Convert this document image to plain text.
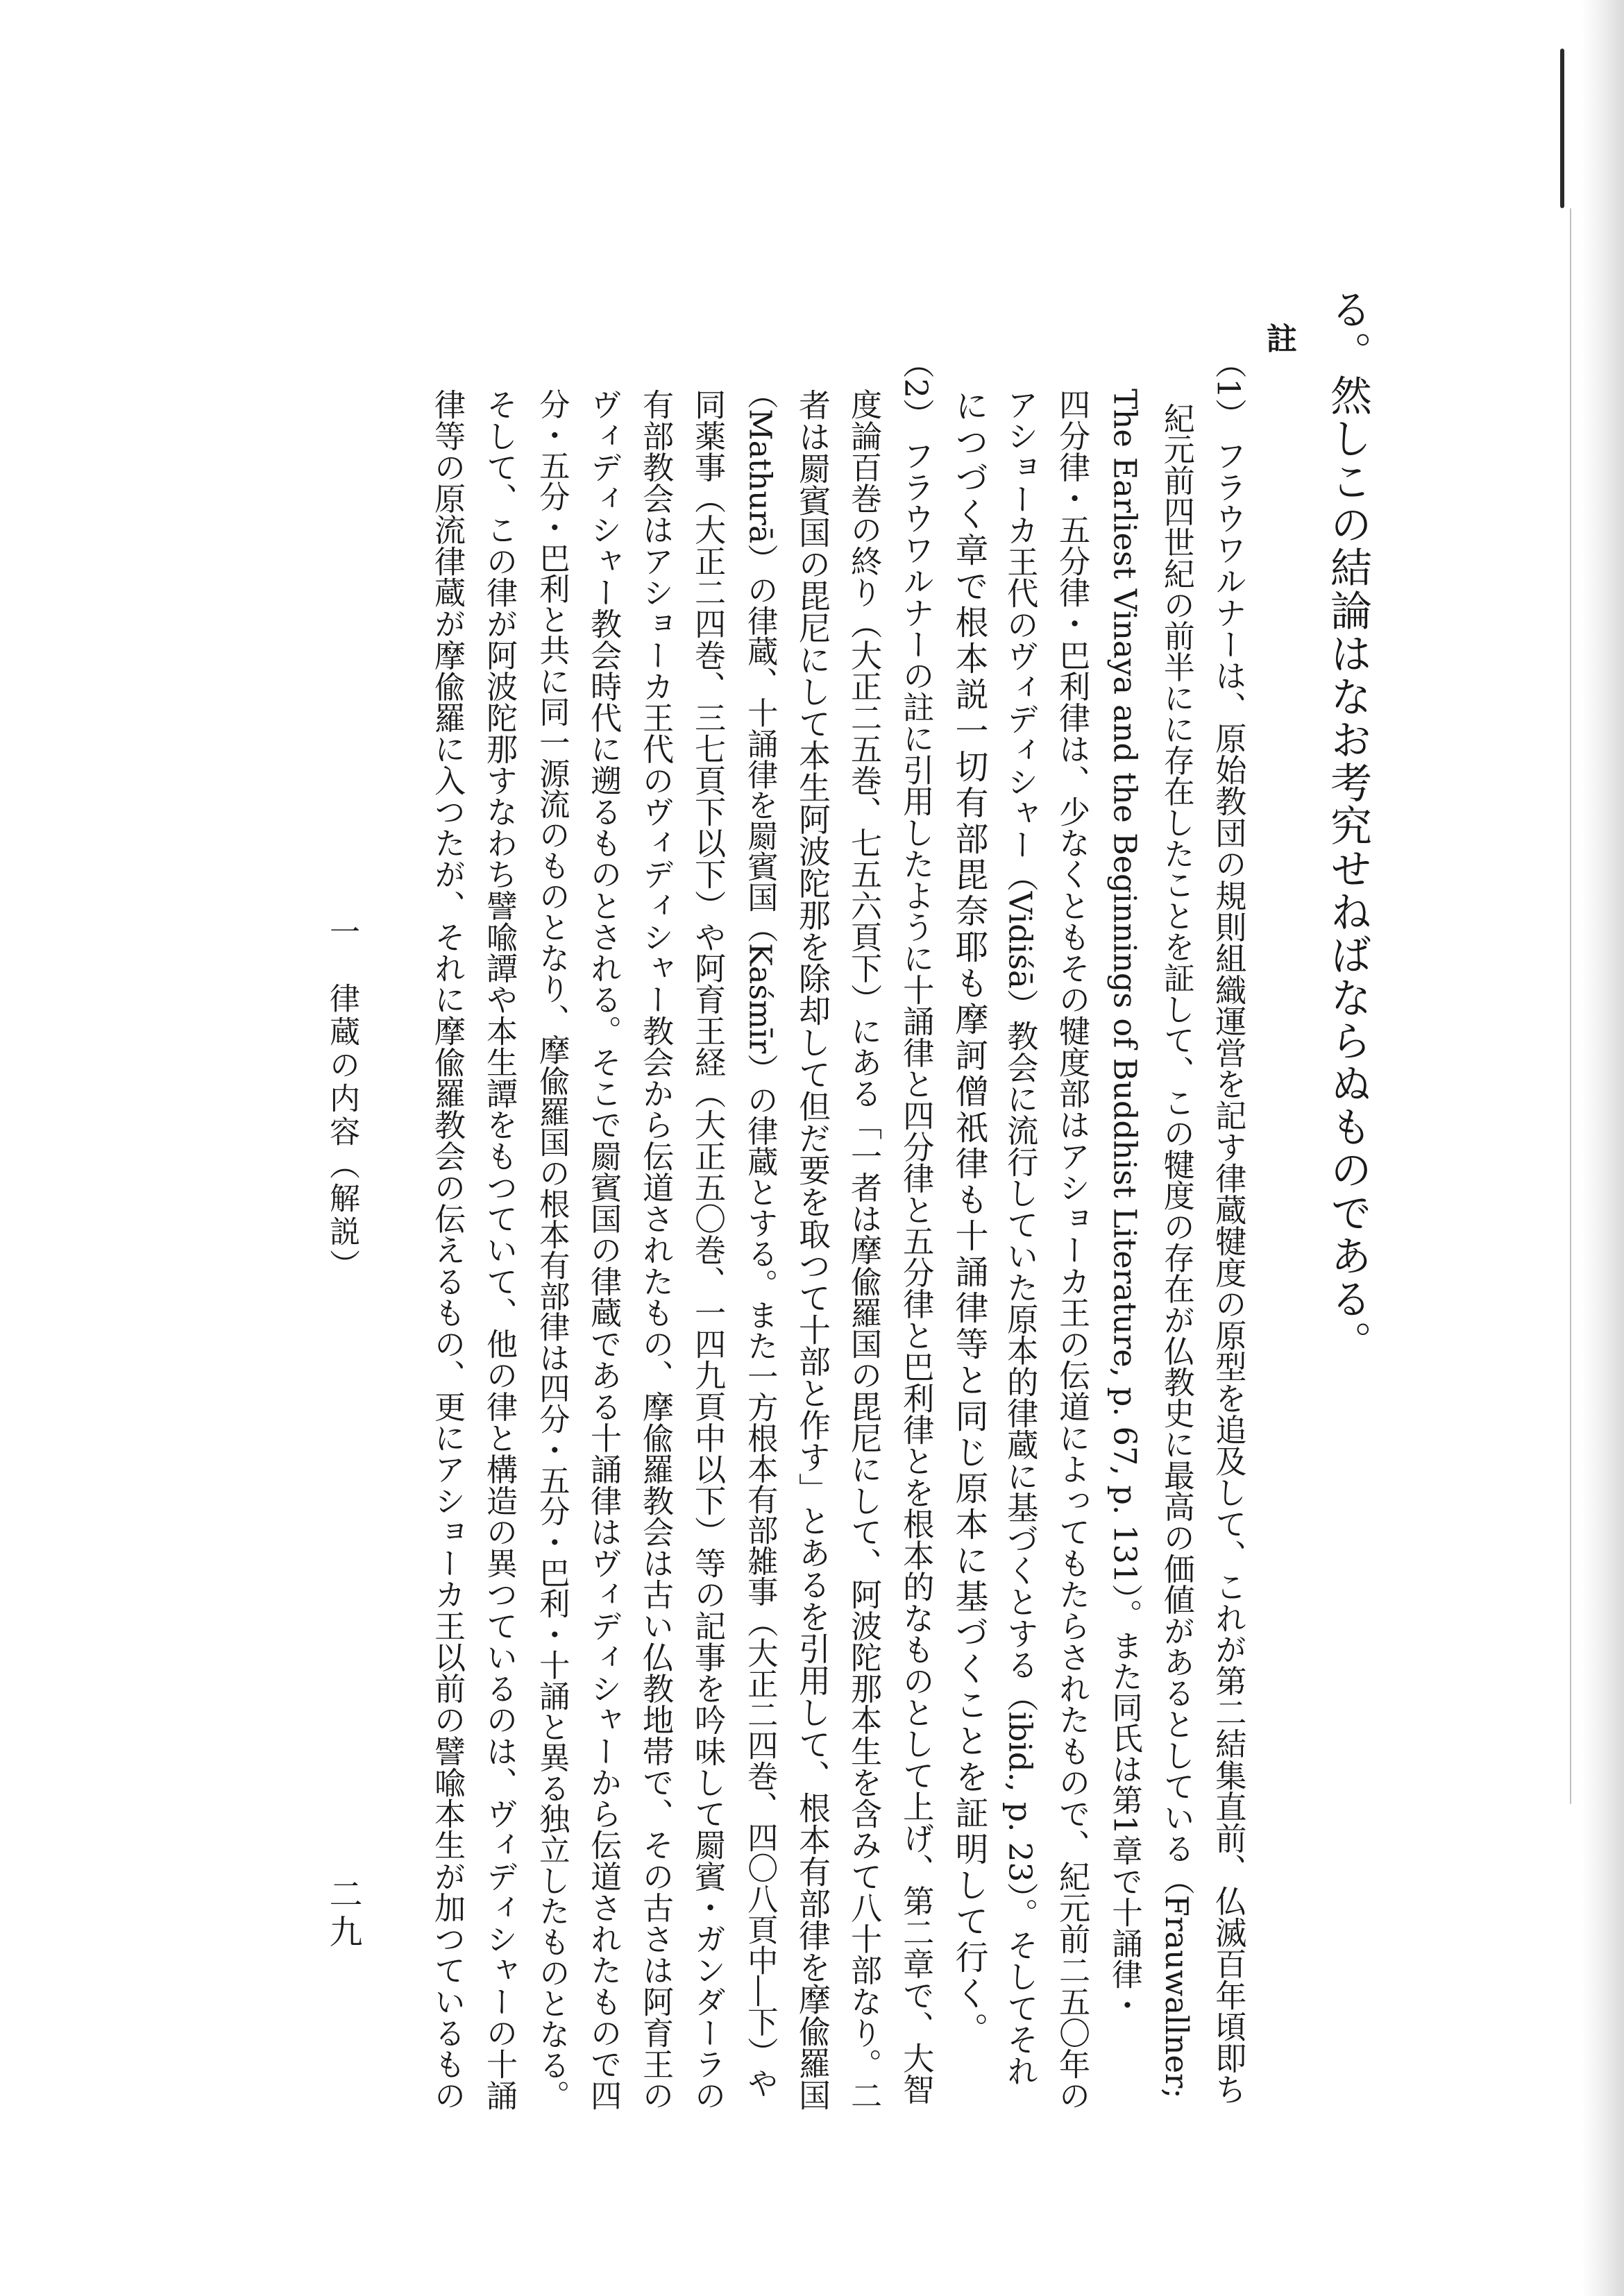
る。然しこの結論はなお考究せねばならぬものである。
註
（1） フラウワルナーは、原始教団の規則組織運営を記す律蔵犍度の原型を追及して、これが第二結集直前、仏滅百年頃即ち
紀元前四世紀の前半にに存在したことを証して、この犍度の存在が仏教史に最高の価値があるとしている（Frauwallner;
The Earliest Vinaya and the Beginnings of Buddhist Literature, p. 67, p. 131）。また同氏は第1章で十誦律・
四分律・五分律・巴利律は、少なくともその犍度部はアショーカ王の伝道によってもたらされたもので、紀元前二五〇年の
アショーカ王代のヴィディシャー（Vidiśā）教会に流行していた原本的律蔵に基づくとする（ibid., p. 23）。そしてそれ
につづく章で根本説一切有部毘奈耶も摩訶僧祇律も十誦律等と同じ原本に基づくことを証明して行く。
（2） フラウワルナーの註に引用したように十誦律と四分律と五分律と巴利律とを根本的なものとして上げ、第二章で、大智
度論百巻の終り（大正二五巻、七五六頁下）にある「一者は摩偸羅国の毘尼にして、阿波陀那本生を含みて八十部なり。二
者は罽賓国の毘尼にして本生阿波陀那を除却して但だ要を取つて十部と作す」とあるを引用して、根本有部律を摩偸羅国
（Mathurā）の律蔵、十誦律を罽賓国（Kaśmīr）の律蔵とする。また一方根本有部雑事（大正二四巻、四〇八頁中―下）や
同薬事（大正二四巻、三七頁下以下）や阿育王経（大正五〇巻、一四九頁中以下）等の記事を吟味して罽賓・ガンダーラの
有部教会はアショーカ王代のヴィディシャー教会から伝道されたもの、摩偸羅教会は古い仏教地帯で、その古さは阿育王の
ヴィディシャー教会時代に遡るものとされる。そこで罽賓国の律蔵である十誦律はヴィディシャーから伝道されたもので四
分・五分・巴利と共に同一源流のものとなり、摩偸羅国の根本有部律は四分・五分・巴利・十誦と異る独立したものとなる。
そして、この律が阿波陀那すなわち譬喩譚や本生譚をもつていて、他の律と構造の異つているのは、ヴィディシャーの十誦
律等の原流律蔵が摩偸羅に入つたが、それに摩偸羅教会の伝えるもの、更にアショーカ王以前の譬喩本生が加つているもの
一　律蔵の内容（解説）
二九
